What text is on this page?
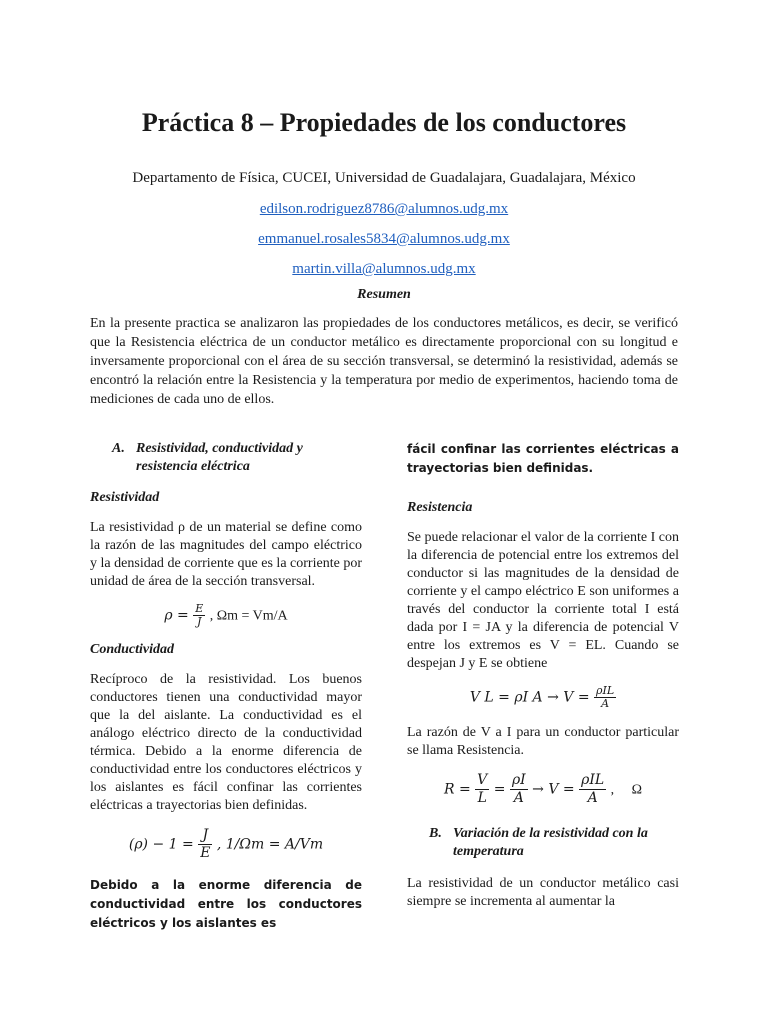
Práctica 8 – Propiedades de los conductores
Departamento de Física, CUCEI, Universidad de Guadalajara, Guadalajara, México
edilson.rodriguez8786@alumnos.udg.mx
emmanuel.rosales5834@alumnos.udg.mx
martin.villa@alumnos.udg.mx
Resumen
En la presente practica se analizaron las propiedades de los conductores metálicos, es decir, se verificó que la Resistencia eléctrica de un conductor metálico es directamente proporcional con su longitud e inversamente proporcional con el área de su sección transversal, se determinó la resistividad, además se encontró la relación entre la Resistencia y la temperatura por medio de experimentos, haciendo toma de mediciones de cada uno de ellos.
A. Resistividad, conductividad y resistencia eléctrica
Resistividad
La resistividad ρ de un material se define como la razón de las magnitudes del campo eléctrico y la densidad de corriente que es la corriente por unidad de área de la sección transversal.
$\rho = \frac{E}{J}$ , Ωm = Vm/A
Conductividad
Recíproco de la resistividad. Los buenos conductores tienen una conductividad mayor que la del aislante. La conductividad es el análogo eléctrico directo de la conductividad térmica. Debido a la enorme diferencia de conductividad entre los conductores eléctricos y los aislantes es fácil confinar las corrientes eléctricas a trayectorias bien definidas.
$(\rho) - 1 = \frac{J}{E}$ , 1/Ωm = A/Vm
Debido a la enorme diferencia de conductividad entre los conductores eléctricos y los aislantes es
fácil confinar las corrientes eléctricas a trayectorias bien definidas.
Resistencia
Se puede relacionar el valor de la corriente I con la diferencia de potencial entre los extremos del conductor si las magnitudes de la densidad de corriente y el campo eléctrico E son uniformes a través del conductor la corriente total I está dada por I = JA y la diferencia de potencial V entre los extremos es V = EL. Cuando se despejan J y E se obtiene
V L = ρI $A \to V = \frac{\text{ρIL}}{A}$
La razón de V a I para un conductor particular se llama Resistencia.
$R = \frac{V}{L} = \frac{\rho I}{A} \to V = \frac{\text{ρIL}}{A}$ ,     Ω
B. Variación de la resistividad con la temperatura
La resistividad de un conductor metálico casi siempre se incrementa al aumentar la
